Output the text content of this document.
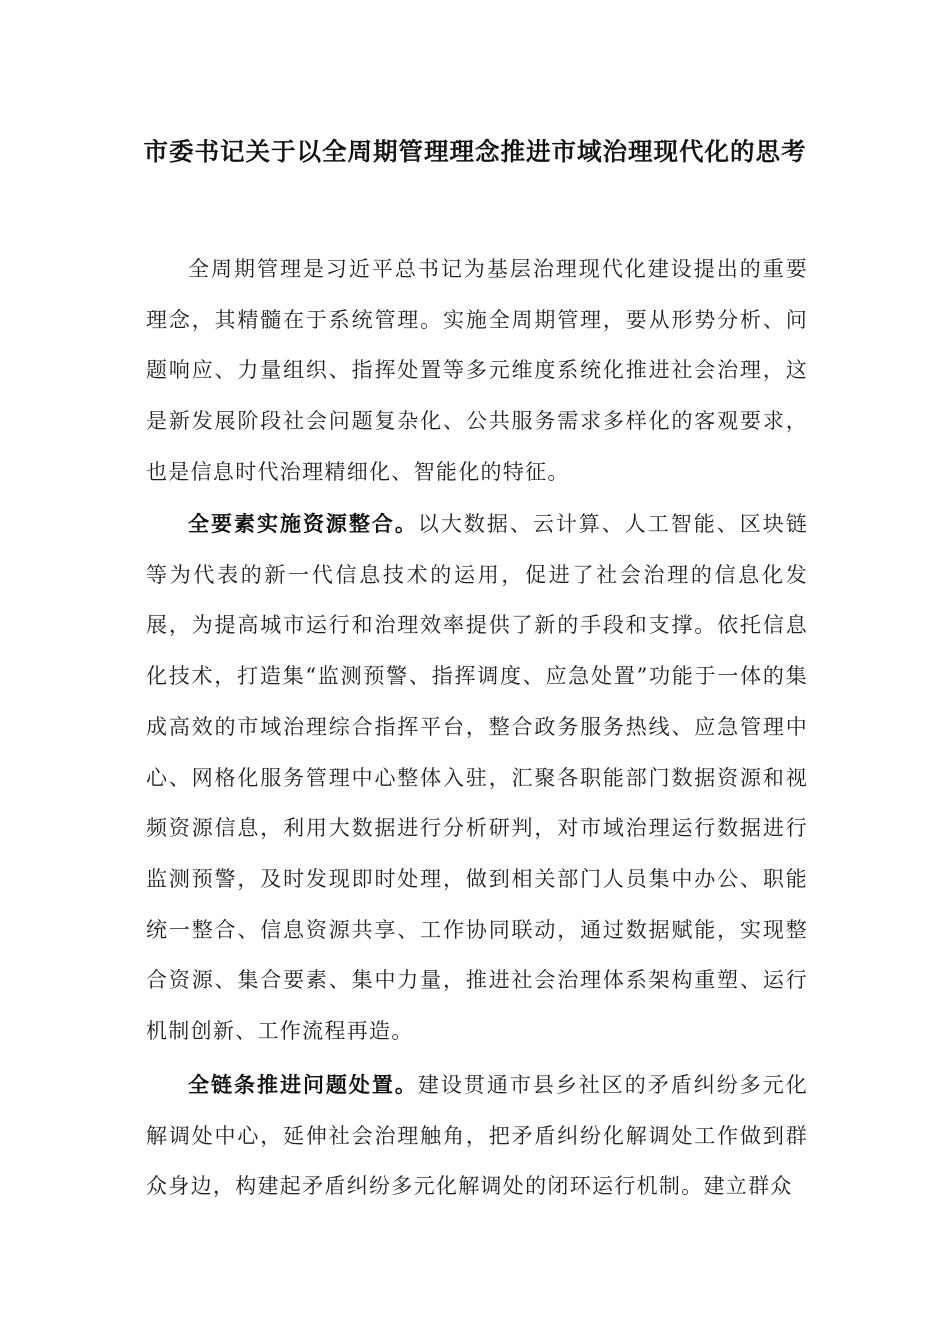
市委书记关于以全周期管理理念推进市域治理现代化的思考

全周期管理是习近平总书记为基层治理现代化建设提出的重要理念，其精髓在于系统管理。实施全周期管理，要从形势分析、问题响应、力量组织、指挥处置等多元维度系统化推进社会治理，这是新发展阶段社会问题复杂化、公共服务需求多样化的客观要求，也是信息时代治理精细化、智能化的特征。

全要素实施资源整合。以大数据、云计算、人工智能、区块链等为代表的新一代信息技术的运用，促进了社会治理的信息化发展，为提高城市运行和治理效率提供了新的手段和支撑。依托信息化技术，打造集“监测预警、指挥调度、应急处置”功能于一体的集成高效的市域治理综合指挥平台，整合政务服务热线、应急管理中心、网格化服务管理中心整体入驻，汇聚各职能部门数据资源和视频资源信息，利用大数据进行分析研判，对市域治理运行数据进行监测预警，及时发现即时处理，做到相关部门人员集中办公、职能统一整合、信息资源共享、工作协同联动，通过数据赋能，实现整合资源、集合要素、集中力量，推进社会治理体系架构重塑、运行机制创新、工作流程再造。

全链条推进问题处置。建设贯通市县乡社区的矛盾纠纷多元化解调处中心，延伸社会治理触角，把矛盾纠纷化解调处工作做到群众身边，构建起矛盾纠纷多元化解调处的闭环运行机制。建立群众
